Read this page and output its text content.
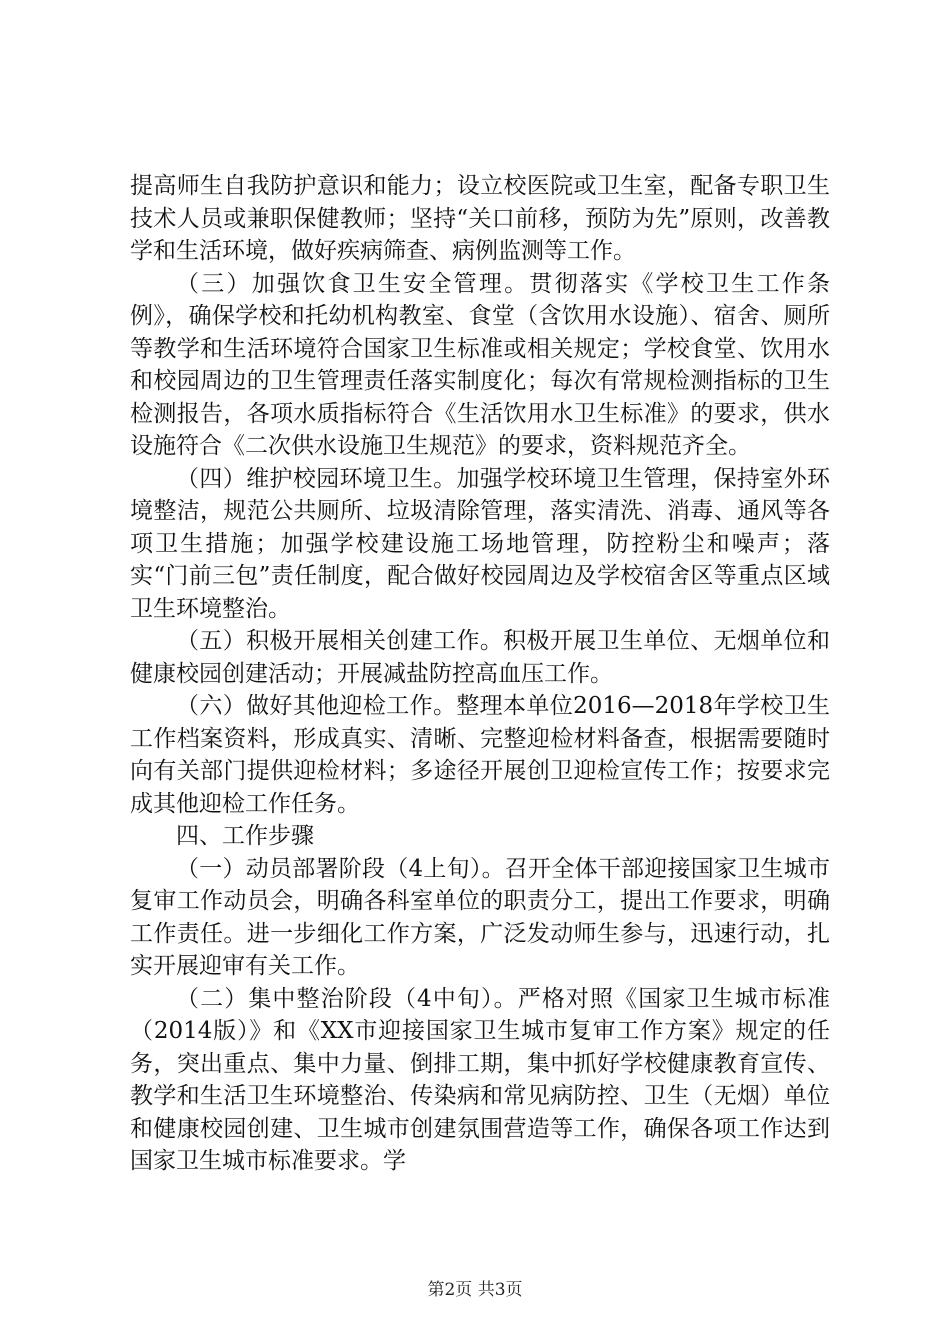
提高师生自我防护意识和能力；设立校医院或卫生室，配备专职卫生技术人员或兼职保健教师；坚持“关口前移，预防为先”原则，改善教学和生活环境，做好疾病筛查、病例监测等工作。

（三）加强饮食卫生安全管理。贯彻落实《学校卫生工作条例》，确保学校和托幼机构教室、食堂（含饮用水设施）、宿舍、厕所等教学和生活环境符合国家卫生标准或相关规定；学校食堂、饮用水和校园周边的卫生管理责任落实制度化；每次有常规检测指标的卫生检测报告，各项水质指标符合《生活饮用水卫生标准》的要求，供水设施符合《二次供水设施卫生规范》的要求，资料规范齐全。

（四）维护校园环境卫生。加强学校环境卫生管理，保持室外环境整洁，规范公共厕所、垃圾清除管理，落实清洗、消毒、通风等各项卫生措施；加强学校建设施工场地管理，防控粉尘和噪声；落实“门前三包”责任制度，配合做好校园周边及学校宿舍区等重点区域卫生环境整治。

（五）积极开展相关创建工作。积极开展卫生单位、无烟单位和健康校园创建活动；开展减盐防控高血压工作。

（六）做好其他迎检工作。整理本单位2016—2018年学校卫生工作档案资料，形成真实、清晰、完整迎检材料备查，根据需要随时向有关部门提供迎检材料；多途径开展创卫迎检宣传工作；按要求完成其他迎检工作任务。

四、工作步骤

（一）动员部署阶段（4上旬）。召开全体干部迎接国家卫生城市复审工作动员会，明确各科室单位的职责分工，提出工作要求，明确工作责任。进一步细化工作方案，广泛发动师生参与，迅速行动，扎实开展迎审有关工作。

（二）集中整治阶段（4中旬）。严格对照《国家卫生城市标准（2014版）》和《XX市迎接国家卫生城市复审工作方案》规定的任务，突出重点、集中力量、倒排工期，集中抓好学校健康教育宣传、教学和生活卫生环境整治、传染病和常见病防控、卫生（无烟）单位和健康校园创建、卫生城市创建氛围营造等工作，确保各项工作达到国家卫生城市标准要求。学

第2页 共3页
